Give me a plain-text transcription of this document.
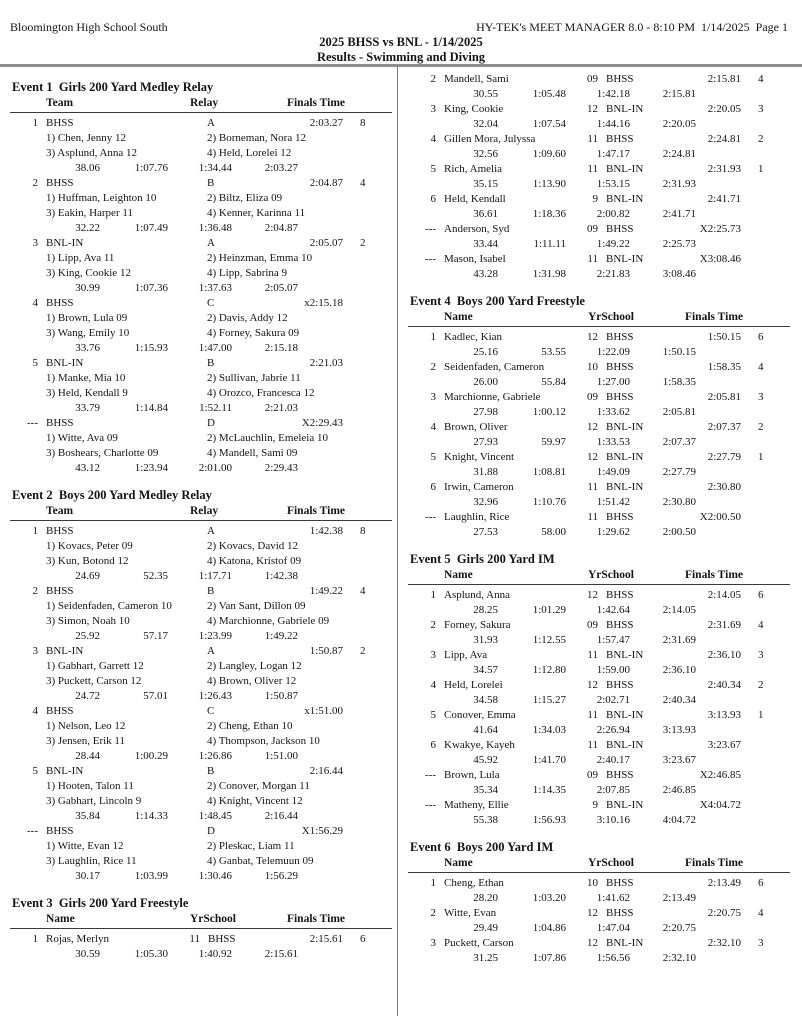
Bloomington High School South	HY-TEK's MEET MANAGER 8.0 - 8:10 PM  1/14/2025  Page 1
2025 BHSS vs BNL - 1/14/2025
Results - Swimming and Diving
Event 1  Girls 200 Yard Medley Relay
Team	Relay	Finals Time
1 BHSS	A	2:03.27 8
1) Chen, Jenny 12	2) Borneman, Nora 12
3) Asplund, Anna 12	4) Held, Lorelei 12
38.06	1:07.76	1:34.44	2:03.27
2 BHSS	B	2:04.87 4
1) Huffman, Leighton 10	2) Biltz, Eliza 09
3) Eakin, Harper 11	4) Kenner, Karinna 11
32.22	1:07.49	1:36.48	2:04.87
3 BNL-IN	A	2:05.07 2
1) Lipp, Ava 11	2) Heinzman, Emma 10
3) King, Cookie 12	4) Lipp, Sabrina 9
30.99	1:07.36	1:37.63	2:05.07
4 BHSS	C	x2:15.18
1) Brown, Lula 09	2) Davis, Addy 12
3) Wang, Emily 10	4) Forney, Sakura 09
33.76	1:15.93	1:47.00	2:15.18
5 BNL-IN	B	2:21.03
1) Manke, Mia 10	2) Sullivan, Jabrie 11
3) Held, Kendall 9	4) Orozco, Francesca 12
33.79	1:14.84	1:52.11	2:21.03
--- BHSS	D	X2:29.43
1) Witte, Ava 09	2) McLauchlin, Emeleia 10
3) Boshears, Charlotte 09	4) Mandell, Sami 09
43.12	1:23.94	2:01.00	2:29.43
Event 2  Boys 200 Yard Medley Relay
Team	Relay	Finals Time
1 BHSS	A	1:42.38 8
1) Kovacs, Peter 09	2) Kovacs, David 12
3) Kun, Botond 12	4) Katona, Kristof 09
24.69	52.35	1:17.71	1:42.38
2 BHSS	B	1:49.22 4
1) Seidenfaden, Cameron 10	2) Van Sant, Dillon 09
3) Simon, Noah 10	4) Marchionne, Gabriele 09
25.92	57.17	1:23.99	1:49.22
3 BNL-IN	A	1:50.87 2
1) Gabhart, Garrett 12	2) Langley, Logan 12
3) Puckett, Carson 12	4) Brown, Oliver 12
24.72	57.01	1:26.43	1:50.87
4 BHSS	C	x1:51.00
1) Nelson, Leo 12	2) Cheng, Ethan 10
3) Jensen, Erik 11	4) Thompson, Jackson 10
28.44	1:00.29	1:26.86	1:51.00
5 BNL-IN	B	2:16.44
1) Hooten, Talon 11	2) Conover, Morgan 11
3) Gabhart, Lincoln 9	4) Knight, Vincent 12
35.84	1:14.33	1:48.45	2:16.44
--- BHSS	D	X1:56.29
1) Witte, Evan 12	2) Pleskac, Liam 11
3) Laughlin, Rice 11	4) Ganbat, Telemuun 09
30.17	1:03.99	1:30.46	1:56.29
Event 3  Girls 200 Yard Freestyle
Name	YrSchool	Finals Time
1 Rojas, Merlyn	11 BHSS	2:15.61 6
30.59	1:05.30	1:40.92	2:15.61
2 Mandell, Sami	09 BHSS	2:15.81 4
30.55	1:05.48	1:42.18	2:15.81
3 King, Cookie	12 BNL-IN	2:20.05 3
32.04	1:07.54	1:44.16	2:20.05
4 Gillen Mora, Julyssa	11 BHSS	2:24.81 2
32.56	1:09.60	1:47.17	2:24.81
5 Rich, Amelia	11 BNL-IN	2:31.93 1
35.15	1:13.90	1:53.15	2:31.93
6 Held, Kendall	9 BNL-IN	2:41.71
36.61	1:18.36	2:00.82	2:41.71
--- Anderson, Syd	09 BHSS	X2:25.73
33.44	1:11.11	1:49.22	2:25.73
--- Mason, Isabel	11 BNL-IN	X3:08.46
43.28	1:31.98	2:21.83	3:08.46
Event 4  Boys 200 Yard Freestyle
Name	YrSchool	Finals Time
1 Kadlec, Kian	12 BHSS	1:50.15 6
25.16	53.55	1:22.09	1:50.15
2 Seidenfaden, Cameron	10 BHSS	1:58.35 4
26.00	55.84	1:27.00	1:58.35
3 Marchionne, Gabriele	09 BHSS	2:05.81 3
27.98	1:00.12	1:33.62	2:05.81
4 Brown, Oliver	12 BNL-IN	2:07.37 2
27.93	59.97	1:33.53	2:07.37
5 Knight, Vincent	12 BNL-IN	2:27.79 1
31.88	1:08.81	1:49.09	2:27.79
6 Irwin, Cameron	11 BNL-IN	2:30.80
32.96	1:10.76	1:51.42	2:30.80
--- Laughlin, Rice	11 BHSS	X2:00.50
27.53	58.00	1:29.62	2:00.50
Event 5  Girls 200 Yard IM
Name	YrSchool	Finals Time
1 Asplund, Anna	12 BHSS	2:14.05 6
28.25	1:01.29	1:42.64	2:14.05
2 Forney, Sakura	09 BHSS	2:31.69 4
31.93	1:12.55	1:57.47	2:31.69
3 Lipp, Ava	11 BNL-IN	2:36.10 3
34.57	1:12.80	1:59.00	2:36.10
4 Held, Lorelei	12 BHSS	2:40.34 2
34.58	1:15.27	2:02.71	2:40.34
5 Conover, Emma	11 BNL-IN	3:13.93 1
41.64	1:34.03	2:26.94	3:13.93
6 Kwakye, Kayeh	11 BNL-IN	3:23.67
45.92	1:41.70	2:40.17	3:23.67
--- Brown, Lula	09 BHSS	X2:46.85
35.34	1:14.35	2:07.85	2:46.85
--- Matheny, Ellie	9 BNL-IN	X4:04.72
55.38	1:56.93	3:10.16	4:04.72
Event 6  Boys 200 Yard IM
Name	YrSchool	Finals Time
1 Cheng, Ethan	10 BHSS	2:13.49 6
28.20	1:03.20	1:41.62	2:13.49
2 Witte, Evan	12 BHSS	2:20.75 4
29.49	1:04.86	1:47.04	2:20.75
3 Puckett, Carson	12 BNL-IN	2:32.10 3
31.25	1:07.86	1:56.56	2:32.10
